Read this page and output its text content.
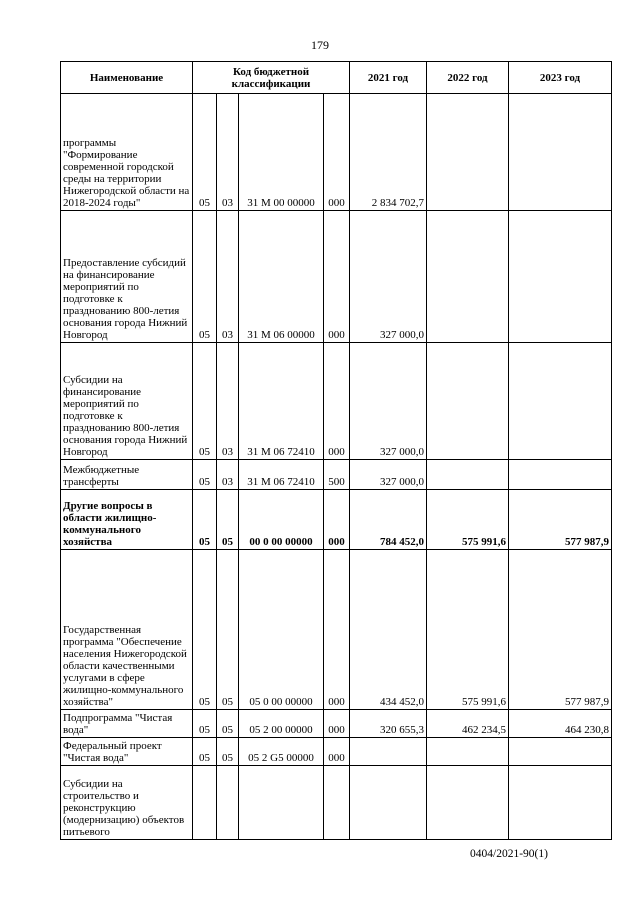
179
Наименование	Код бюджетной классификации				2021 год	2022 год	2023 год
программы "Формирование современной городской среды на территории Нижегородской области на 2018-2024 годы"	05	03	31 M 00 00000	000	2 834 702,7		
Предоставление субсидий на финансирование мероприятий по подготовке к празднованию 800-летия основания города Нижний Новгород	05	03	31 M 06 00000	000	327 000,0		
Субсидии на финансирование мероприятий по подготовке к празднованию 800-летия основания города Нижний Новгород	05	03	31 M 06 72410	000	327 000,0		
Межбюджетные трансферты	05	03	31 M 06 72410	500	327 000,0		
Другие вопросы в области жилищно-коммунального хозяйства	05	05	00 0 00 00000	000	784 452,0	575 991,6	577 987,9
Государственная программа "Обеспечение населения Нижегородской области качественными услугами в сфере жилищно-коммунального хозяйства"	05	05	05 0 00 00000	000	434 452,0	575 991,6	577 987,9
Подпрограмма "Чистая вода"	05	05	05 2 00 00000	000	320 655,3	462 234,5	464 230,8
Федеральный проект "Чистая вода"	05	05	05 2 G5 00000	000			
Субсидии на строительство и реконструкцию (модернизацию) объектов питьевого							
0404/2021-90(1)
